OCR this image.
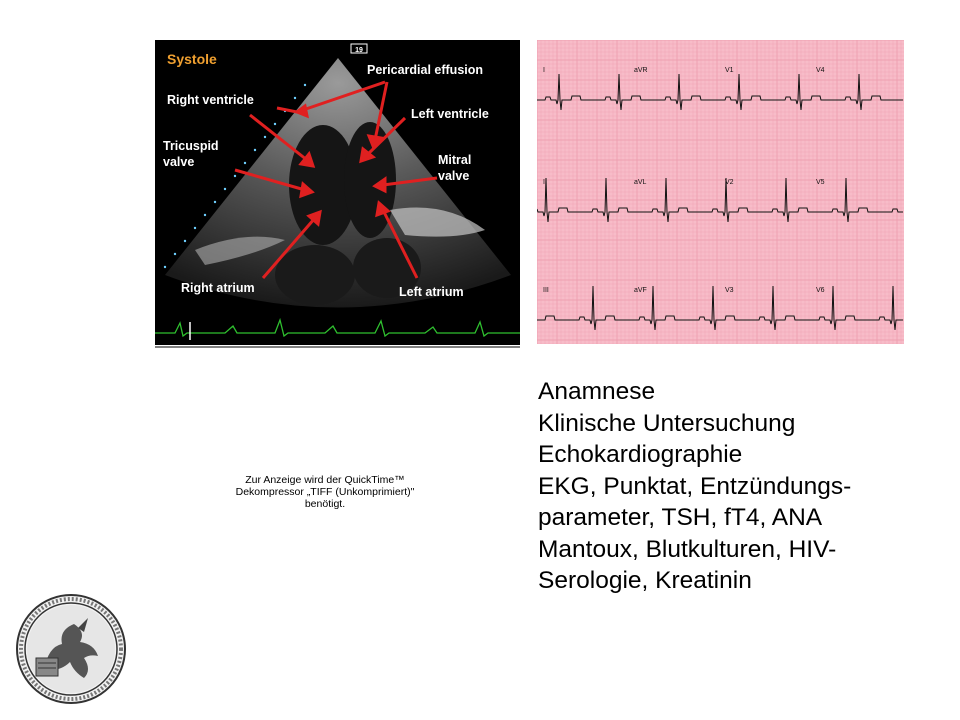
19
Systole
Pericardial effusion
Right ventricle
Left ventricle
Tricuspid
valve	Mitral
valve
Right atrium	Left atrium
I	aVR	V1	V4
II	aVL	V2	V5
III	aVF	V3	V6
Zur Anzeige wird der QuickTime™
Dekompressor „TIFF (Unkomprimiert)"
benötigt.
Anamnese
Klinische Untersuchung
Echokardiographie
EKG, Punktat, Entzündungs-
parameter, TSH, fT4, ANA
Mantoux, Blutkulturen, HIV-
Serologie, Kreatinin
